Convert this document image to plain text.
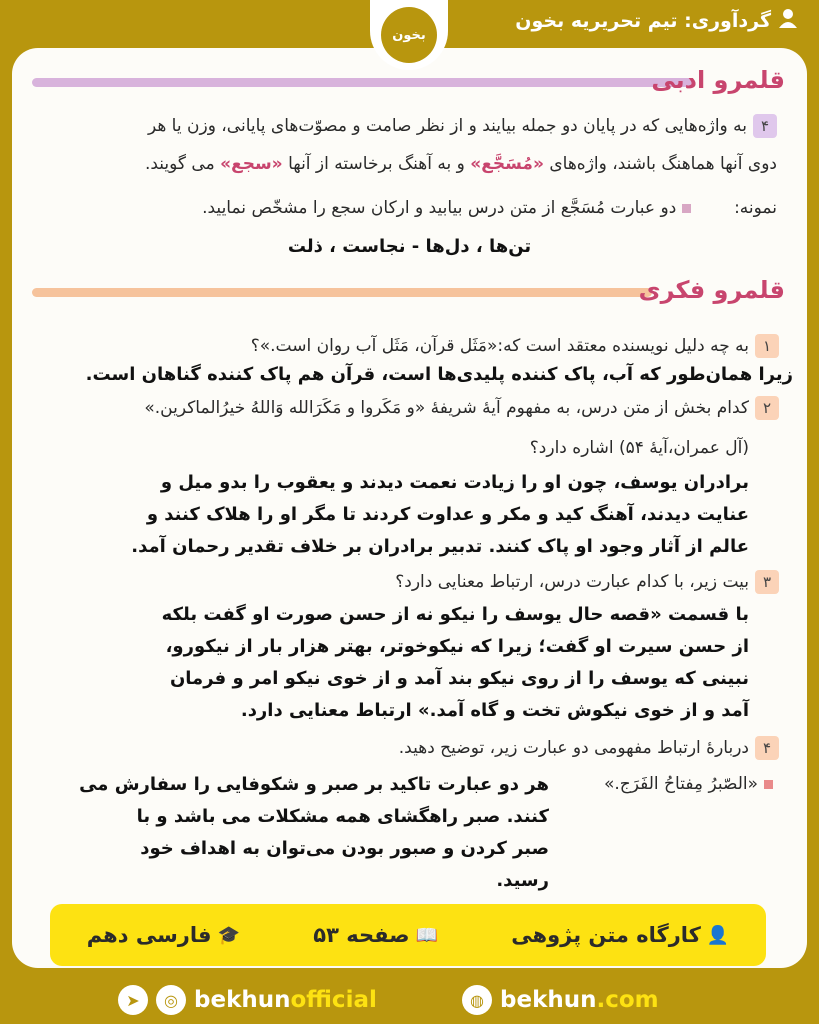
گردآوری: تیم تحریریه بخون
بخون
قلمرو ادبی
۴به واژه‌هایی که در پایان دو جمله بیایند و از نظر صامت و مصوّت‌های پایانی، وزن یا هر
دوی آنها هماهنگ باشند، واژه‌های «مُسَجَّع» و به آهنگ برخاسته از آنها «سجع» می گویند.
نمونه:  دو عبارت مُسَجَّع از متن درس بیابید و ارکان سجع را مشخّص نمایید.
تن‌ها ، دل‌ها - نجاست ، ذلت
قلمرو فکری
۱به چه دلیل نویسنده معتقد است که:«مَثَل قرآن، مَثَل آب روان است.»؟
زیرا همان‌طور که آب، پاک کننده پلیدی‌ها است، قرآن هم پاک کننده گناهان است.
۲کدام بخش از متن درس، به مفهوم آیهٔ شریفهٔ «و مَکَروا و مَکَرَالله وَاللهُ خیرُالماکرین.»
(آل عمران،آیهٔ ۵۴) اشاره دارد؟
برادران یوسف، چون او را زیادت نعمت دیدند و یعقوب را بدو میل و
عنایت دیدند، آهنگ کید و مکر و عداوت کردند تا مگر او را هلاک کنند و
عالم از آثار وجود او پاک کنند. تدبیر برادران بر خلاف تقدیر رحمان آمد.
۳بیت زیر، با کدام عبارت درس، ارتباط معنایی دارد؟
با قسمت «قصه حال یوسف را نیکو نه از حسن صورت او گفت بلکه
از حسن سیرت او گفت؛ زیرا که نیکوخوتر، بهتر هزار بار از نیکورو،
نبینی که یوسف را از روی نیکو بند آمد و از خوی نیکو امر و فرمان
آمد و از خوی نیکوش تخت و گاه آمد.» ارتباط معنایی دارد.
۴دربارهٔ ارتباط مفهومی دو عبارت زیر، توضیح دهید.
«الصّبرُ مِفتاحُ الفَرَج.»
هر دو عبارت تاکید بر صبر و شکوفایی را سفارش می
کنند. صبر راهگشای همه مشکلات می باشد و با
صبر کردن و صبور بودن می‌توان به اهداف خود
رسید.
👤
کارگاه متن پژوهی
📖
صفحه ۵۳
🎓
فارسی دهم
➤	◎ bekhunofficial	◍ bekhun.com
